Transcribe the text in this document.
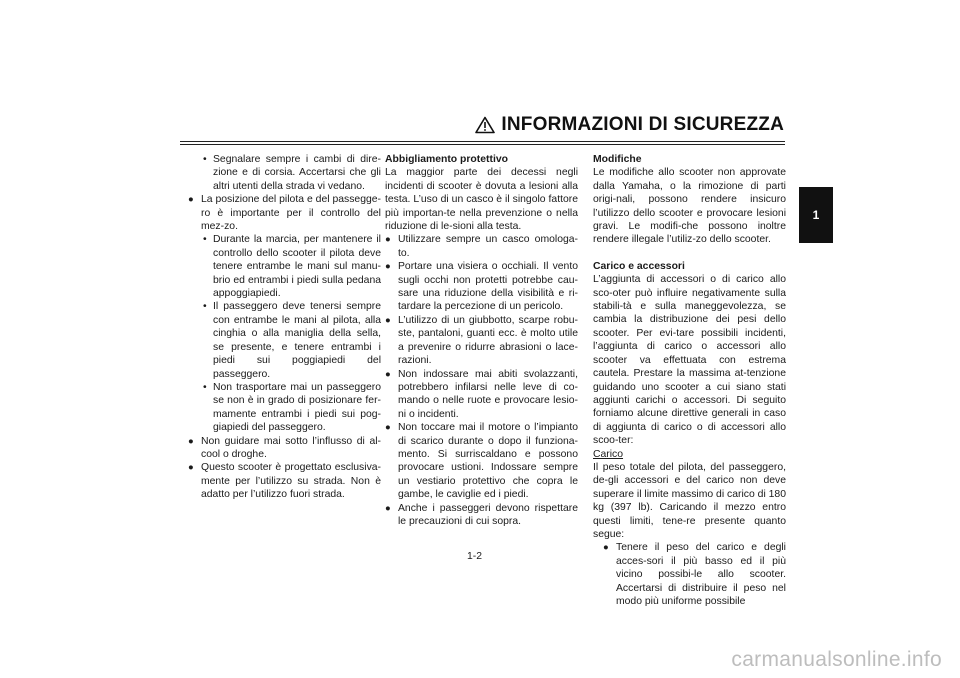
INFORMAZIONI DI SICUREZZA
1
• Segnalare sempre i cambi di dire-zione e di corsia. Accertarsi che gli altri utenti della strada vi vedano.
● La posizione del pilota e del passegge-ro è importante per il controllo del mez-zo.
• Durante la marcia, per mantenere il controllo dello scooter il pilota deve tenere entrambe le mani sul manu-brio ed entrambi i piedi sulla pedana appoggiapiedi.
• Il passeggero deve tenersi sempre con entrambe le mani al pilota, alla cinghia o alla maniglia della sella, se presente, e tenere entrambi i piedi sui poggiapiedi del passeggero.
• Non trasportare mai un passeggero se non è in grado di posizionare fer-mamente entrambi i piedi sui pog-giapiedi del passeggero.
● Non guidare mai sotto l’influsso di al-cool o droghe.
● Questo scooter è progettato esclusiva-mente per l’utilizzo su strada. Non è adatto per l’utilizzo fuori strada.

Abbigliamento protettivo

La maggior parte dei decessi negli incidenti di scooter è dovuta a lesioni alla testa. L’uso di un casco è il singolo fattore più importan-te nella prevenzione o nella riduzione di le-sioni alla testa.

● Utilizzare sempre un casco omologa-to.
● Portare una visiera o occhiali. Il vento sugli occhi non protetti potrebbe cau-sare una riduzione della visibilità e ri-tardare la percezione di un pericolo.
● L’utilizzo di un giubbotto, scarpe robu-ste, pantaloni, guanti ecc. è molto utile a prevenire o ridurre abrasioni o lace-razioni.
● Non indossare mai abiti svolazzanti, potrebbero infilarsi nelle leve di co-mando o nelle ruote e provocare lesio-ni o incidenti.
● Non toccare mai il motore o l’impianto di scarico durante o dopo il funziona-mento. Si surriscaldano e possono provocare ustioni. Indossare sempre un vestiario protettivo che copra le gambe, le caviglie ed i piedi.
● Anche i passeggeri devono rispettare le precauzioni di cui sopra.

Modifiche

Le modifiche allo scooter non approvate dalla Yamaha, o la rimozione di parti origi-nali, possono rendere insicuro l’utilizzo dello scooter e provocare lesioni gravi. Le modifi-che possono inoltre rendere illegale l’utiliz-zo dello scooter.

Carico e accessori

L’aggiunta di accessori o di carico allo sco-oter può influire negativamente sulla stabili-tà e sulla maneggevolezza, se cambia la distribuzione dei pesi dello scooter. Per evi-tare possibili incidenti, l’aggiunta di carico o accessori allo scooter va effettuata con estrema cautela. Prestare la massima at-tenzione guidando uno scooter a cui siano stati aggiunti carichi o accessori. Di seguito forniamo alcune direttive generali in caso di aggiunta di carico o di accessori allo scoo-ter:

Carico

Il peso totale del pilota, del passeggero, de-gli accessori e del carico non deve superare il limite massimo di carico di 180 kg (397 lb). Caricando il mezzo entro questi limiti, tene-re presente quanto segue:

● Tenere il peso del carico e degli acces-sori il più basso ed il più vicino possibi-le allo scooter. Accertarsi di distribuire il peso nel modo più uniforme possibile
1-2
carmanualsonline.info
